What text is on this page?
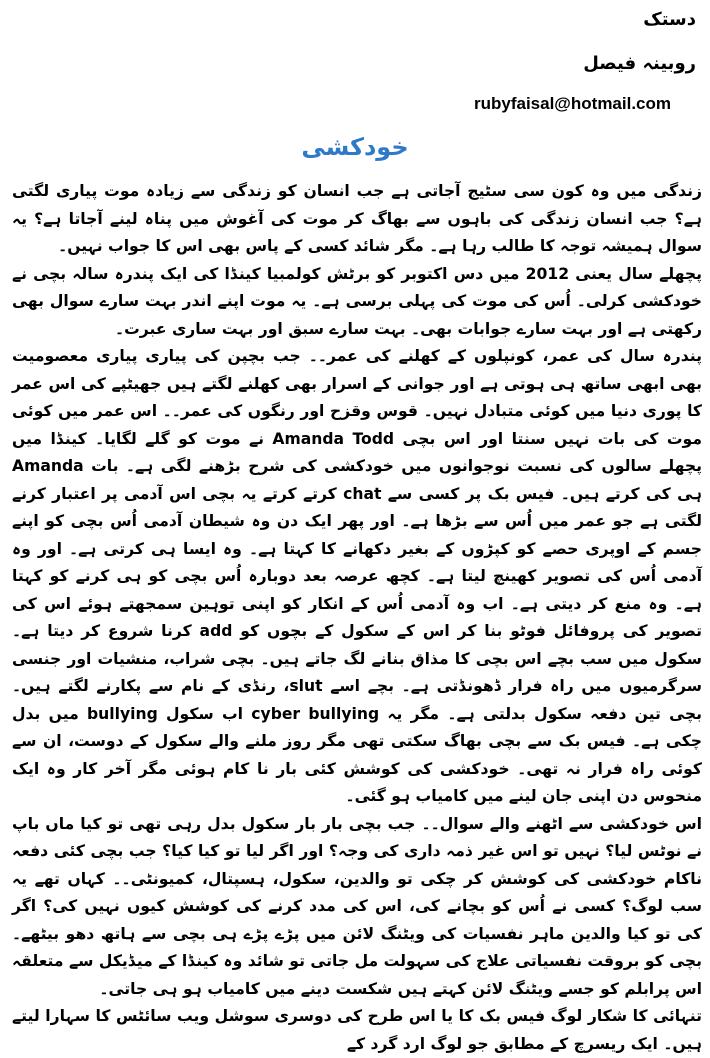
دستک
روبینہ فیصل
rubyfaisal@hotmail.com
خودکشی

زندگی میں وہ کون سی سٹیج آجاتی ہے جب انسان کو زندگی سے زیادہ موت پیاری لگتی ہے؟ جب انسان زندگی کی باہوں سے بھاگ کر موت کی آغوش میں پناہ لینے آجاتا ہے؟ یہ سوال ہمیشہ توجہ کا طالب رہا ہے۔ مگر شائد کسی کے پاس بھی اس کا جواب نہیں۔

پچھلے سال یعنی 2012 میں دس اکتوبر کو برٹش کولمبیا کینڈا کی ایک پندرہ سالہ بچی نے خودکشی کرلی۔ اُس کی موت کی پہلی برسی ہے۔ یہ موت اپنے اندر بہت سارے سوال بھی رکھتی ہے اور بہت سارے جوابات بھی۔ بہت سارے سبق اور بہت ساری عبرت۔

پندرہ سال کی عمر، کونپلوں کے کھلنے کی عمر۔۔ جب بچپن کی پیاری پیاری معصومیت بھی ابھی ساتھ ہی ہوتی ہے اور جوانی کے اسرار بھی کھلنے لگتے ہیں جھیٹپے کی اس عمر کا پوری دنیا میں کوئی متبادل نہیں۔ قوس وقزح اور رنگوں کی عمر۔۔ اس عمر میں کوئی موت کی بات نہیں سنتا اور اس بچی Amanda Todd نے موت کو گلے لگایا۔ کینڈا میں پچھلے سالوں کی نسبت نوجوانوں میں خودکشی کی شرح بڑھنے لگی ہے۔ بات Amanda ہی کی کرتے ہیں۔ فیس بک پر کسی سے chat کرتے کرتے یہ بچی اس آدمی پر اعتبار کرنے لگتی ہے جو عمر میں اُس سے بڑھا ہے۔ اور پھر ایک دن وہ شیطان آدمی اُس بچی کو اپنے جسم کے اوپری حصے کو کپڑوں کے بغیر دکھانے کا کہتا ہے۔ وہ ایسا ہی کرتی ہے۔ اور وہ آدمی اُس کی تصویر کھینچ لیتا ہے۔ کچھ عرصہ بعد دوبارہ اُس بچی کو ہی کرنے کو کہتا ہے۔ وہ منع کر دیتی ہے۔ اب وہ آدمی اُس کے انکار کو اپنی توہین سمجھتے ہوئے اس کی تصویر کی پروفائل فوٹو بنا کر اس کے سکول کے بچوں کو add کرنا شروع کر دیتا ہے۔ سکول میں سب بچے اس بچی کا مذاق بنانے لگ جاتے ہیں۔ بچی شراب، منشیات اور جنسی سرگرمیوں میں راہ فرار ڈھونڈتی ہے۔ بچے اسے slut، رنڈی کے نام سے پکارنے لگتے ہیں۔ بچی تین دفعہ سکول بدلتی ہے۔ مگر یہ cyber bullying اب سکول bullying میں بدل چکی ہے۔ فیس بک سے بچی بھاگ سکتی تھی مگر روز ملنے والے سکول کے دوست، ان سے کوئی راہ فرار نہ تھی۔ خودکشی کی کوشش کئی بار نا کام ہوئی مگر آخر کار وہ ایک منحوس دن اپنی جان لینے میں کامیاب ہو گئی۔

اس خودکشی سے اٹھنے والے سوال۔۔ جب بچی بار بار سکول بدل رہی تھی تو کیا ماں باپ نے نوٹس لیا؟ نہیں تو اس غیر ذمہ داری کی وجہ؟ اور اگر لیا تو کیا کیا؟ جب بچی کئی دفعہ ناکام خودکشی کی کوشش کر چکی تو والدین، سکول، ہسپتال، کمیونٹی۔۔ کہاں تھے یہ سب لوگ؟ کسی نے اُس کو بچانے کی، اس کی مدد کرنے کی کوشش کیوں نہیں کی؟ اگر کی تو کیا والدین ماہر نفسیات کی ویٹنگ لائن میں پڑے پڑے ہی بچی سے ہاتھ دھو بیٹھے۔ بچی کو بروقت نفسیاتی علاج کی سہولت مل جاتی تو شائد وہ کینڈا کے میڈیکل سے متعلقہ اس پرابلم کو جسے ویٹنگ لائن کہتے ہیں شکست دینے میں کامیاب ہو ہی جاتی۔

تنہائی کا شکار لوگ فیس بک کا یا اس طرح کی دوسری سوشل ویب سائٹس کا سہارا لیتے ہیں۔ ایک ریسرچ کے مطابق جو لوگ ارد گرد کے
